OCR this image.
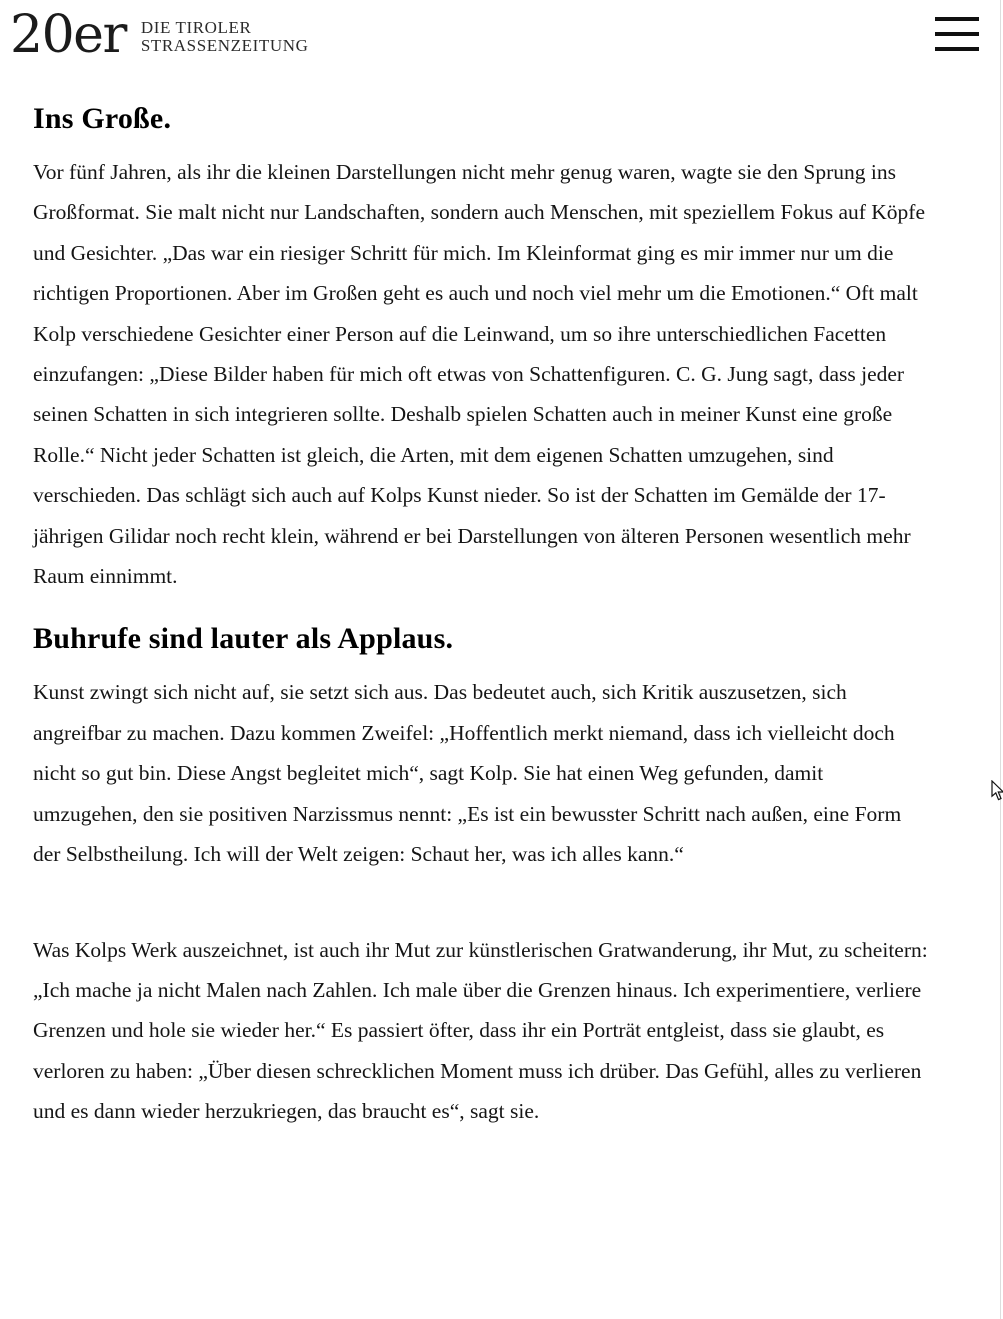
20er DIE TIROLER
STRASSENZEITUNG
Ins Große.

Vor fünf Jahren, als ihr die kleinen Darstellungen nicht mehr genug waren, wagte sie den Sprung ins Großformat. Sie malt nicht nur Landschaften, sondern auch Menschen, mit speziellem Fokus auf Köpfe und Gesichter. „Das war ein riesiger Schritt für mich. Im Kleinformat ging es mir immer nur um die richtigen Proportionen. Aber im Großen geht es auch und noch viel mehr um die Emotionen.“ Oft malt Kolp verschiedene Gesichter einer Person auf die Leinwand, um so ihre unterschiedlichen Facetten einzufangen: „Diese Bilder haben für mich oft etwas von Schattenfiguren. C. G. Jung sagt, dass jeder seinen Schatten in sich integrieren sollte. Deshalb spielen Schatten auch in meiner Kunst eine große Rolle.“ Nicht jeder Schatten ist gleich, die Arten, mit dem eigenen Schatten umzugehen, sind verschieden. Das schlägt sich auch auf Kolps Kunst nieder. So ist der Schatten im Gemälde der 17-jährigen Gilidar noch recht klein, während er bei Darstellungen von älteren Personen wesentlich mehr Raum einnimmt.

Buhrufe sind lauter als Applaus.

Kunst zwingt sich nicht auf, sie setzt sich aus. Das bedeutet auch, sich Kritik auszusetzen, sich angreifbar zu machen. Dazu kommen Zweifel: „Hoffentlich merkt niemand, dass ich vielleicht doch nicht so gut bin. Diese Angst begleitet mich“, sagt Kolp. Sie hat einen Weg gefunden, damit umzugehen, den sie positiven Narzissmus nennt: „Es ist ein bewusster Schritt nach außen, eine Form der Selbstheilung. Ich will der Welt zeigen: Schaut her, was ich alles kann.“

Was Kolps Werk auszeichnet, ist auch ihr Mut zur künstlerischen Gratwanderung, ihr Mut, zu scheitern: „Ich mache ja nicht Malen nach Zahlen. Ich male über die Grenzen hinaus. Ich experimentiere, verliere Grenzen und hole sie wieder her.“ Es passiert öfter, dass ihr ein Porträt entgleist, dass sie glaubt, es verloren zu haben: „Über diesen schrecklichen Moment muss ich drüber. Das Gefühl, alles zu verlieren und es dann wieder herzukriegen, das braucht es“, sagt sie.
